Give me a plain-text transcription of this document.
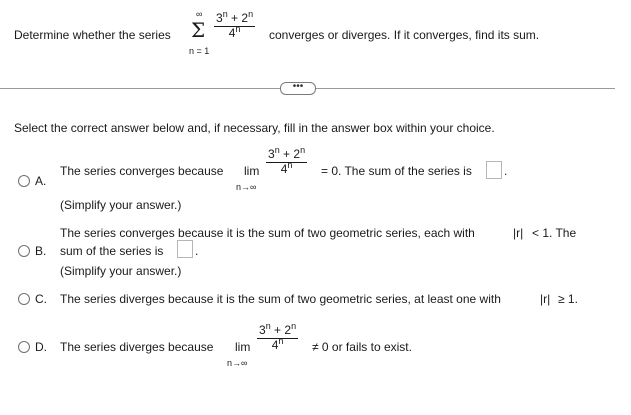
Determine whether the series
∞
Σ
n = 1
$3^n + 2^n$
4$^n$ converges or diverges. If it converges, find its sum.
•••
Select the correct answer below and, if necessary, fill in the answer box within your choice.
A.
The series converges because lim
n→∞
$3^n + 2^n$
$4^n = 0$. The sum of the series is	.
(Simplify your answer.)
The series converges because it is the sum of two geometric series, each with	|r| < 1. The
B. sum of the series is	.
(Simplify your answer.)
C. The series diverges because it is the sum of two geometric series, at least one with	|r| ≥ 1.
D. The series diverges because lim
n→∞
$3^n + 2^n$
$4^n \ne 0$ or fails to exist.
